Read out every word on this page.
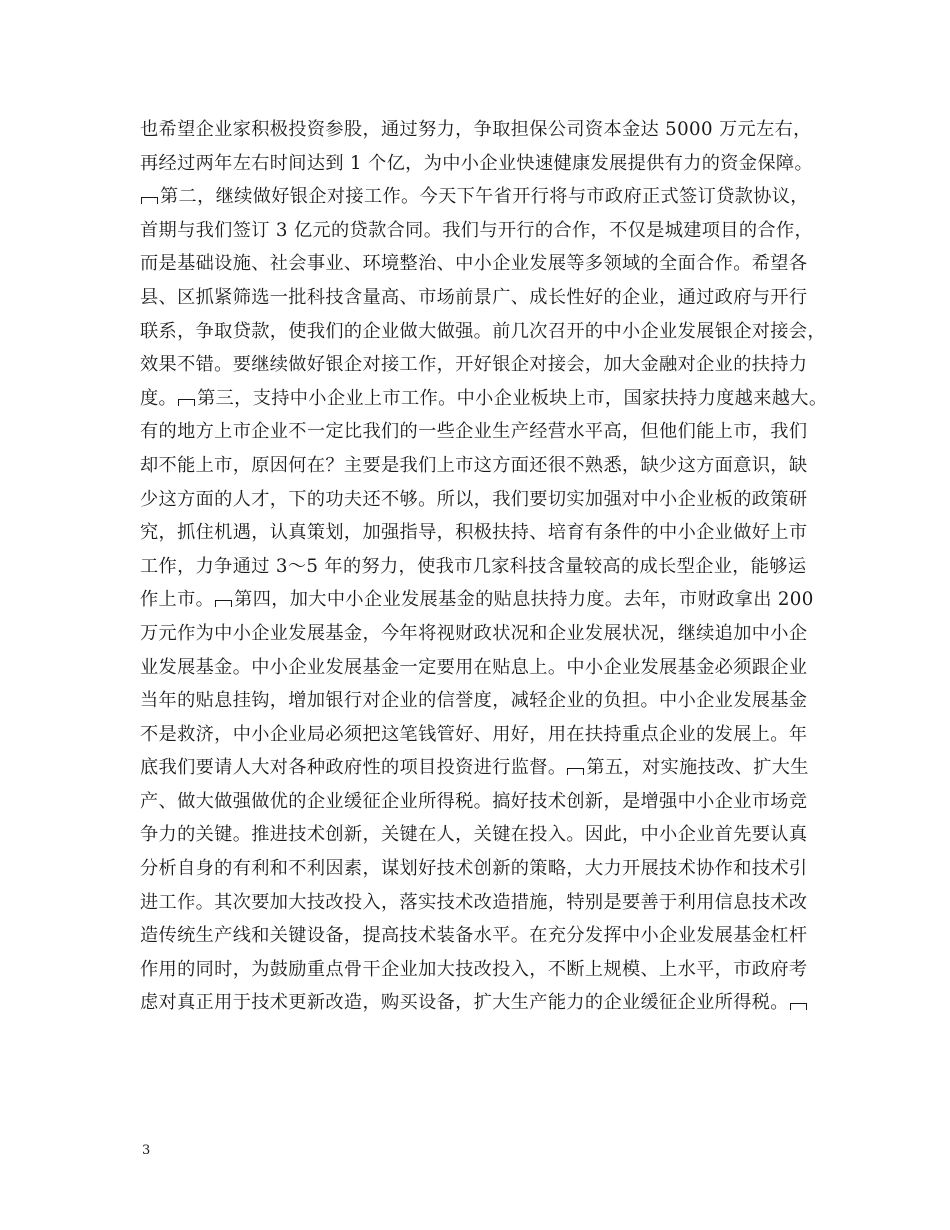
也希望企业家积极投资参股，通过努力，争取担保公司资本金达 5000 万元左右，
再经过两年左右时间达到 1 个亿，为中小企业快速健康发展提供有力的资金保障。
第二，继续做好银企对接工作。今天下午省开行将与市政府正式签订贷款协议，
首期与我们签订 3 亿元的贷款合同。我们与开行的合作，不仅是城建项目的合作，
而是基础设施、社会事业、环境整治、中小企业发展等多领域的全面合作。希望各
县、区抓紧筛选一批科技含量高、市场前景广、成长性好的企业，通过政府与开行
联系，争取贷款，使我们的企业做大做强。前几次召开的中小企业发展银企对接会，
效果不错。要继续做好银企对接工作，开好银企对接会，加大金融对企业的扶持力
度。 第三，支持中小企业上市工作。中小企业板块上市，国家扶持力度越来越大。
有的地方上市企业不一定比我们的一些企业生产经营水平高，但他们能上市，我们
却不能上市，原因何在？主要是我们上市这方面还很不熟悉，缺少这方面意识，缺
少这方面的人才，下的功夫还不够。所以，我们要切实加强对中小企业板的政策研
究，抓住机遇，认真策划，加强指导，积极扶持、培育有条件的中小企业做好上市
工作，力争通过 3～5 年的努力，使我市几家科技含量较高的成长型企业，能够运
作上市。 第四，加大中小企业发展基金的贴息扶持力度。去年，市财政拿出 200
万元作为中小企业发展基金，今年将视财政状况和企业发展状况，继续追加中小企
业发展基金。中小企业发展基金一定要用在贴息上。中小企业发展基金必须跟企业
当年的贴息挂钩，增加银行对企业的信誉度，减轻企业的负担。中小企业发展基金
不是救济，中小企业局必须把这笔钱管好、用好，用在扶持重点企业的发展上。年
底我们要请人大对各种政府性的项目投资进行监督。 第五，对实施技改、扩大生
产、做大做强做优的企业缓征企业所得税。搞好技术创新，是增强中小企业市场竞
争力的关键。推进技术创新，关键在人，关键在投入。因此，中小企业首先要认真
分析自身的有利和不利因素，谋划好技术创新的策略，大力开展技术协作和技术引
进工作。其次要加大技改投入，落实技术改造措施，特别是要善于利用信息技术改
造传统生产线和关键设备，提高技术装备水平。在充分发挥中小企业发展基金杠杆
作用的同时，为鼓励重点骨干企业加大技改投入，不断上规模、上水平，市政府考
虑对真正用于技术更新改造，购买设备，扩大生产能力的企业缓征企业所得税。
3
